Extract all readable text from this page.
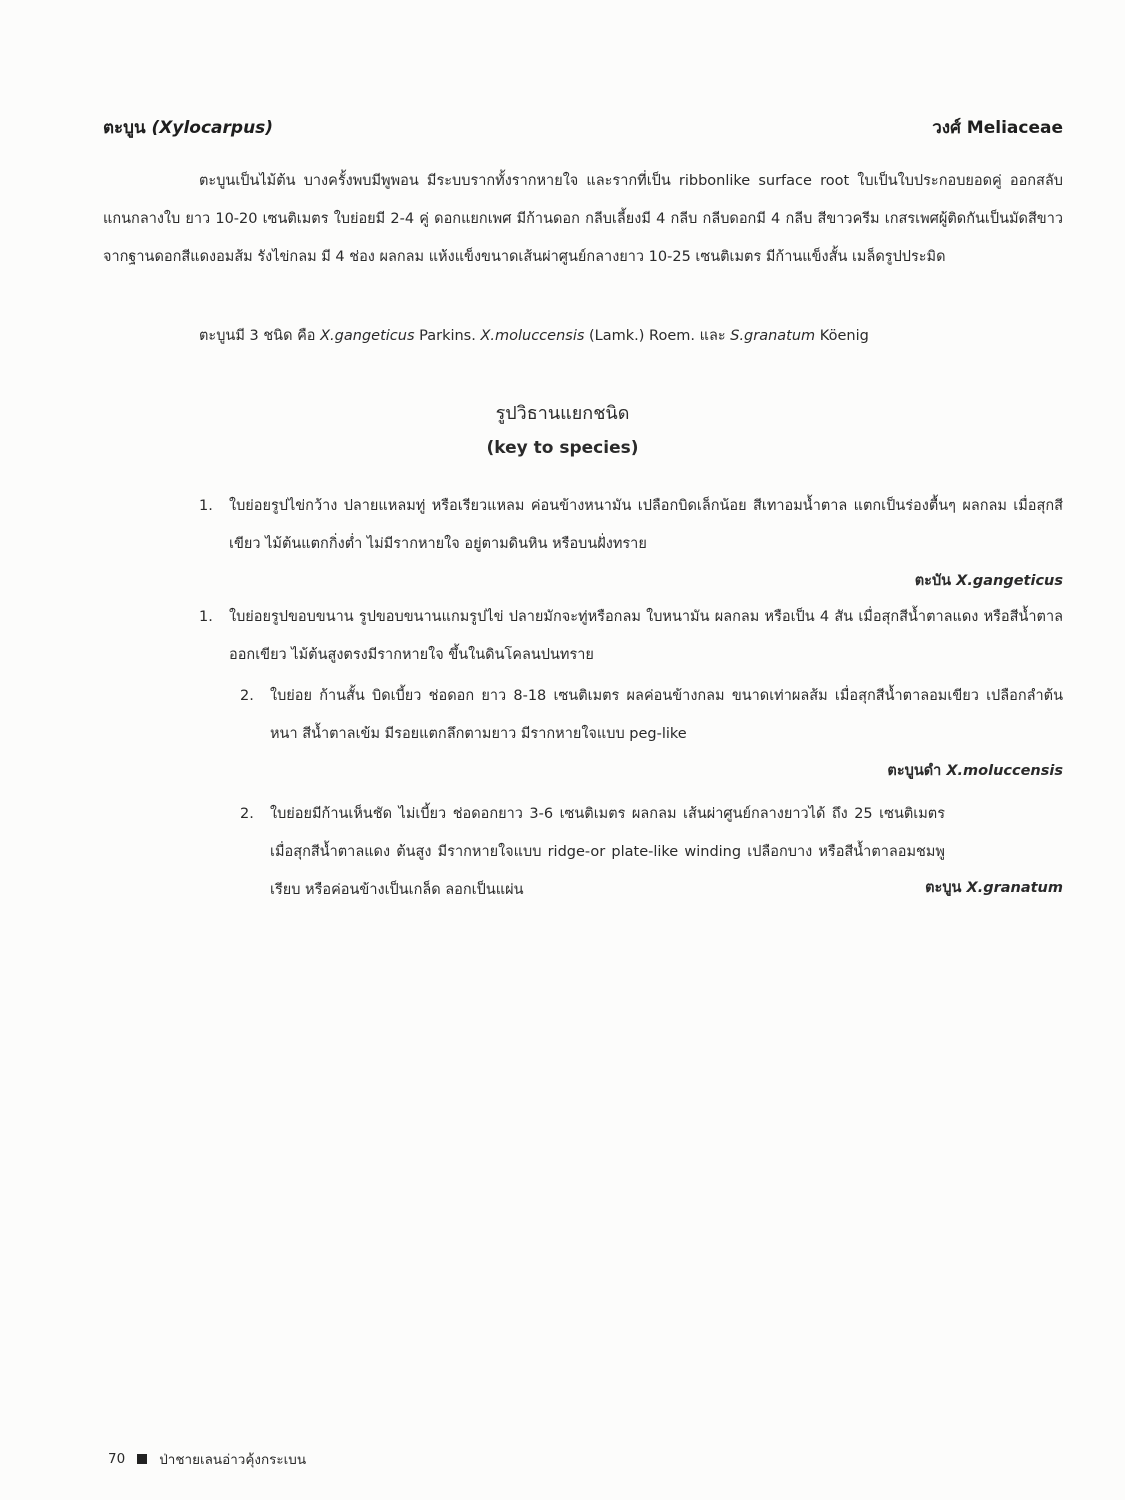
ตะบูน (Xylocarpus)	วงศ์ Meliaceae
ตะบูนเป็นไม้ต้น บางครั้งพบมีพูพอน มีระบบรากทั้งรากหายใจ และรากที่เป็น ribbonlike surface root ใบเป็นใบประกอบยอดคู่ ออกสลับ แกนกลางใบ ยาว 10-20 เซนติเมตร ใบย่อยมี 2-4 คู่ ดอกแยกเพศ มีก้านดอก กลีบเลี้ยงมี 4 กลีบ กลีบดอกมี 4 กลีบ สีขาวครีม เกสรเพศผู้ติดกันเป็นมัดสีขาว จากฐานดอกสีแดงอมส้ม รังไข่กลม มี 4 ช่อง ผลกลม แห้งแข็งขนาดเส้นผ่าศูนย์กลางยาว 10-25 เซนติเมตร มีก้านแข็งสั้น เมล็ดรูปประมิด
ตะบูนมี 3 ชนิด คือ X.gangeticus Parkins. X.moluccensis (Lamk.) Roem. และ S.granatum Köenig
รูปวิธานแยกชนิด
(key to species)
1. ใบย่อยรูปไข่กว้าง ปลายแหลมทู่ หรือเรียวแหลม ค่อนข้างหนามัน เปลือกบิดเล็กน้อย สีเทาอมน้ำตาล แตกเป็นร่องตื้นๆ ผลกลม เมื่อสุกสีเขียว ไม้ต้นแตกกิ่งต่ำ ไม่มีรากหายใจ อยู่ตามดินหิน หรือบนฝั่งทราย
ตะบัน X.gangeticus
1. ใบย่อยรูปขอบขนาน รูปขอบขนานแกมรูปไข่ ปลายมักจะทู่หรือกลม ใบหนามัน ผลกลม หรือเป็น 4 สัน เมื่อสุกสีน้ำตาลแดง หรือสีน้ำตาลออกเขียว ไม้ต้นสูงตรงมีรากหายใจ ขึ้นในดินโคลนปนทราย
2. ใบย่อย ก้านสั้น บิดเบี้ยว ช่อดอก ยาว 8-18 เซนติเมตร ผลค่อนข้างกลม ขนาดเท่าผลส้ม เมื่อสุกสีน้ำตาลอมเขียว เปลือกลำต้นหนา สีน้ำตาลเข้ม มีรอยแตกลึกตามยาว มีรากหายใจแบบ peg-like
ตะบูนดำ X.moluccensis
2. ใบย่อยมีก้านเห็นชัด ไม่เบี้ยว ช่อดอกยาว 3-6 เซนติเมตร ผลกลม เส้นผ่าศูนย์กลางยาวได้ ถึง 25 เซนติเมตร เมื่อสุกสีน้ำตาลแดง ต้นสูง มีรากหายใจแบบ ridge-or plate-like winding เปลือกบาง หรือสีน้ำตาลอมชมพู เรียบ หรือค่อนข้างเป็นเกล็ด ลอกเป็นแผ่น	ตะบูน X.granatum
70	ป่าชายเลนอ่าวคุ้งกระเบน
